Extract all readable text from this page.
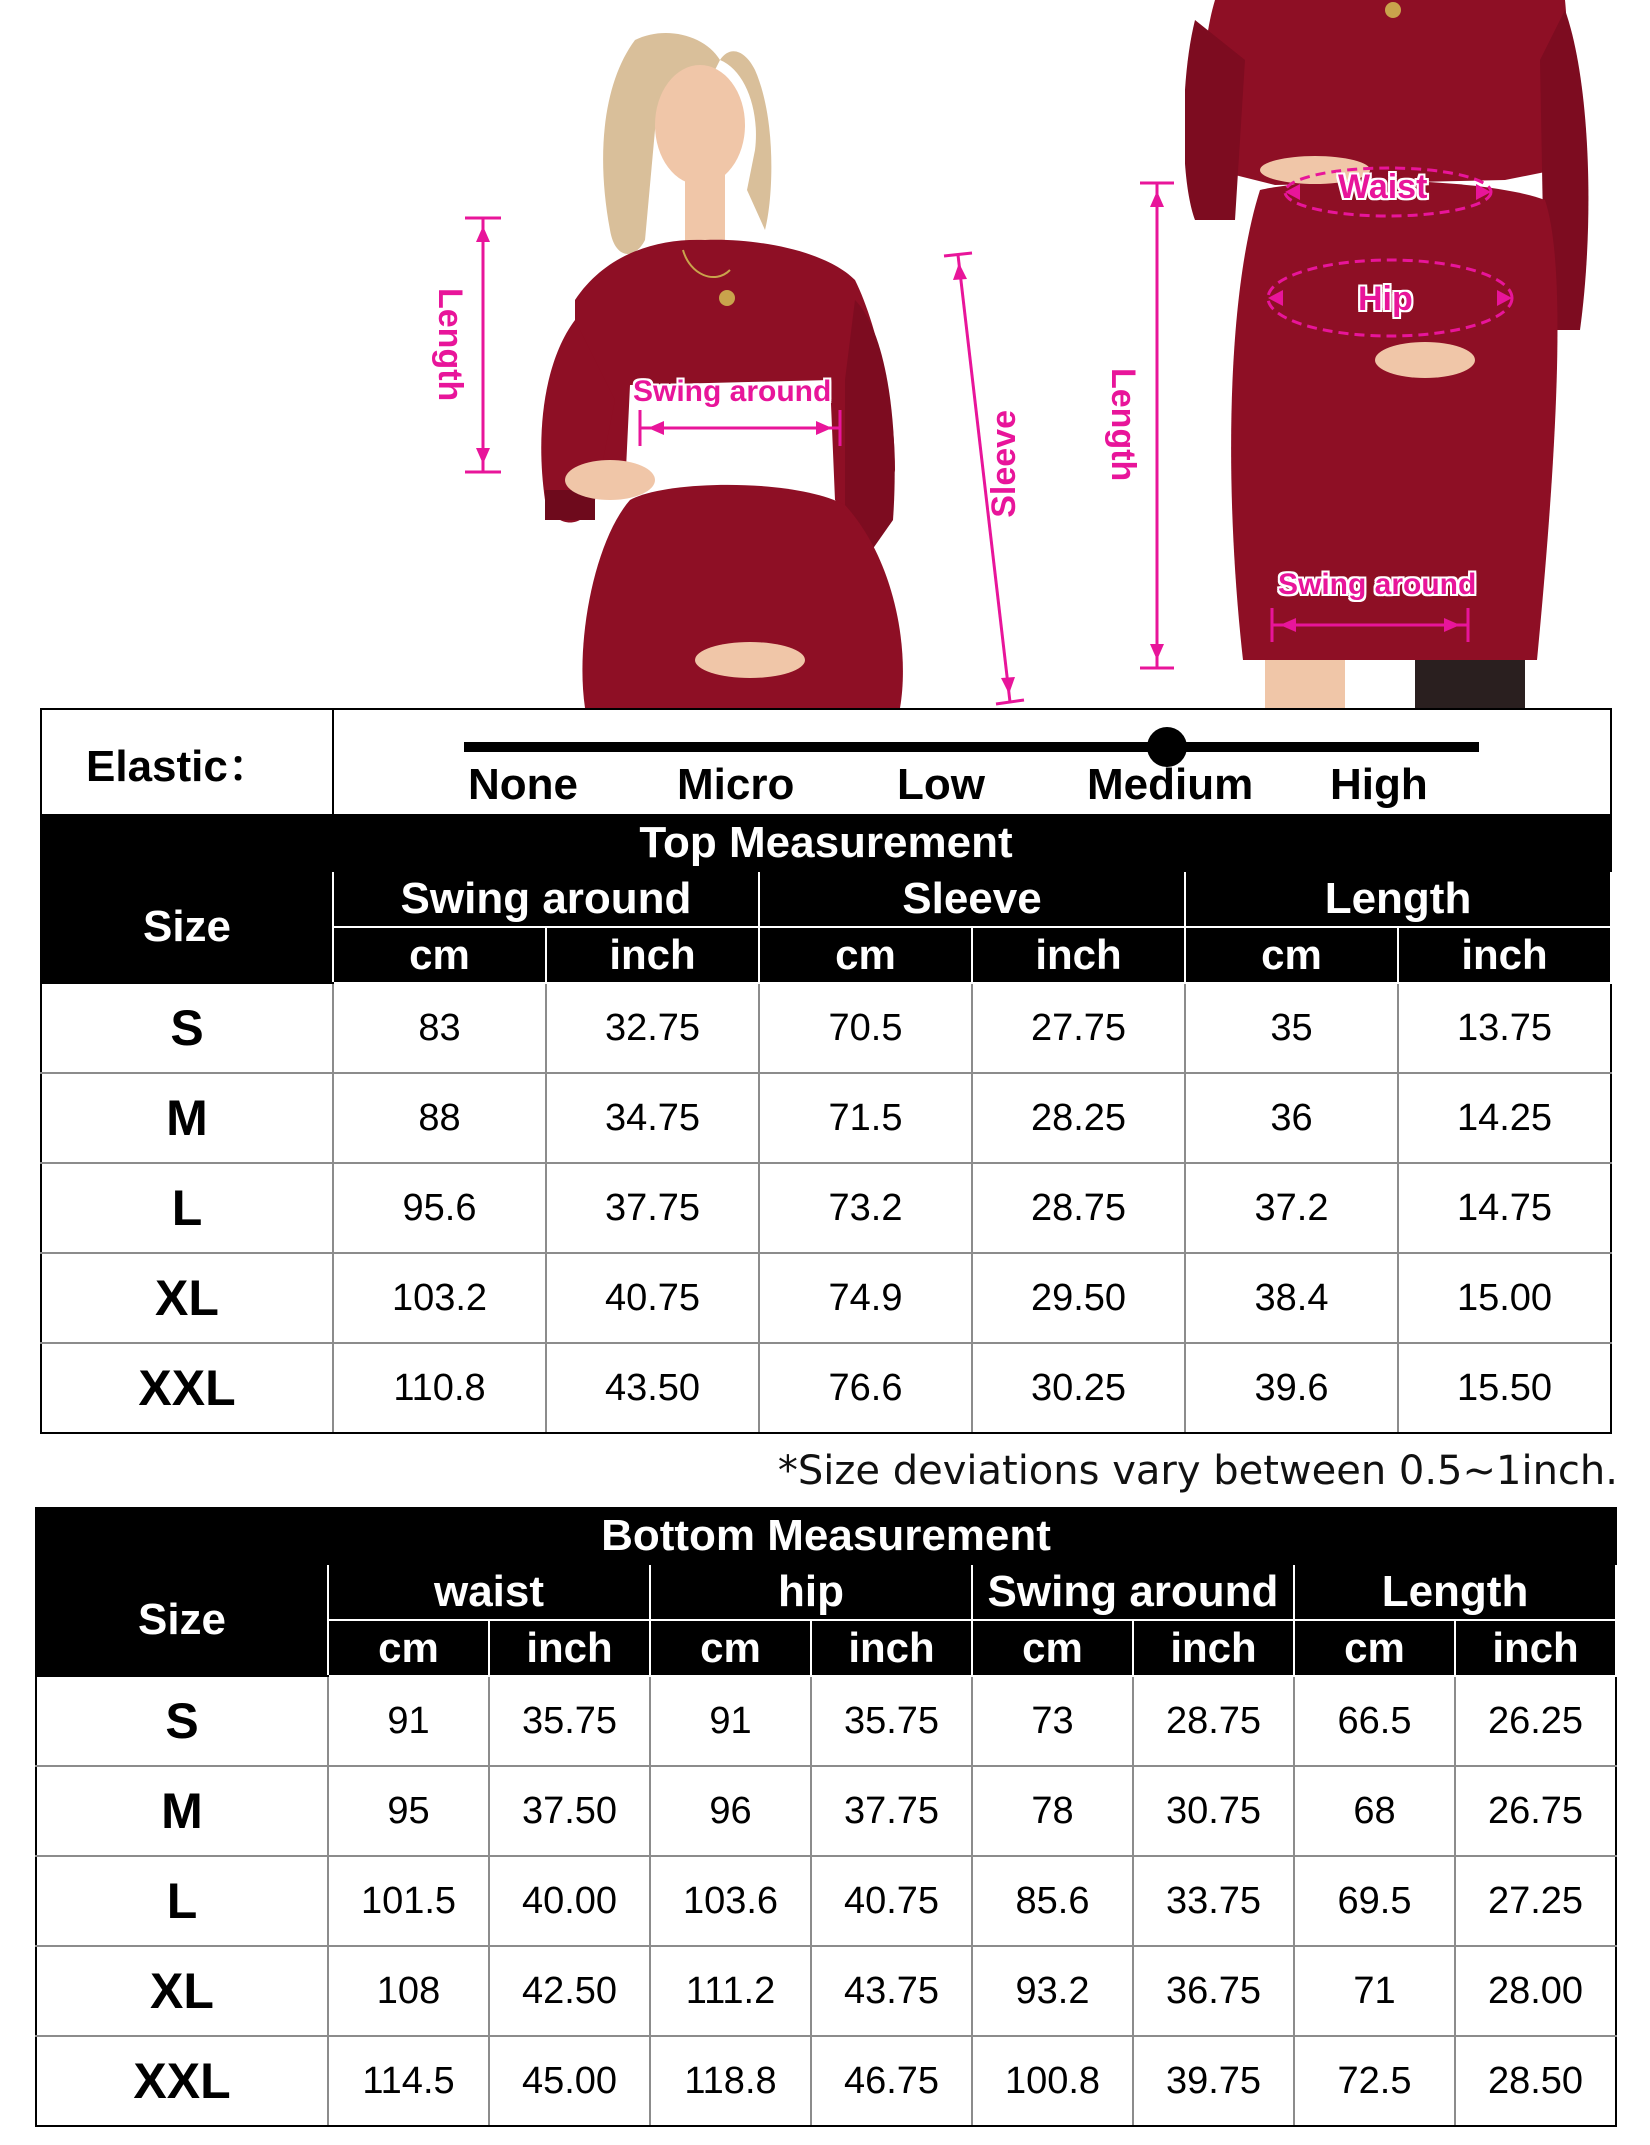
Length	Swing around
Sleeve
Waist
Hip
Length
Swing around
Elastic：	None Micro Low Medium High					

Top Measurement						
Size	Swing around		Sleeve		Length	
	cm	inch	cm	inch	cm	inch
S	83	32.75	70.5	27.75	35	13.75
M	88	34.75	71.5	28.25	36	14.25
L	95.6	37.75	73.2	28.75	37.2	14.75
XL	103.2	40.75	74.9	29.50	38.4	15.00
XXL	110.8	43.50	76.6	30.25	39.6	15.50
*Size deviations vary between 0.5~1inch.
Bottom Measurement								
Size	waist		hip		Swing around		Length	
	cm	inch	cm	inch	cm	inch	cm	inch
S	91	35.75	91	35.75	73	28.75	66.5	26.25
M	95	37.50	96	37.75	78	30.75	68	26.75
L	101.5	40.00	103.6	40.75	85.6	33.75	69.5	27.25
XL	108	42.50	111.2	43.75	93.2	36.75	71	28.00
XXL	114.5	45.00	118.8	46.75	100.8	39.75	72.5	28.50
